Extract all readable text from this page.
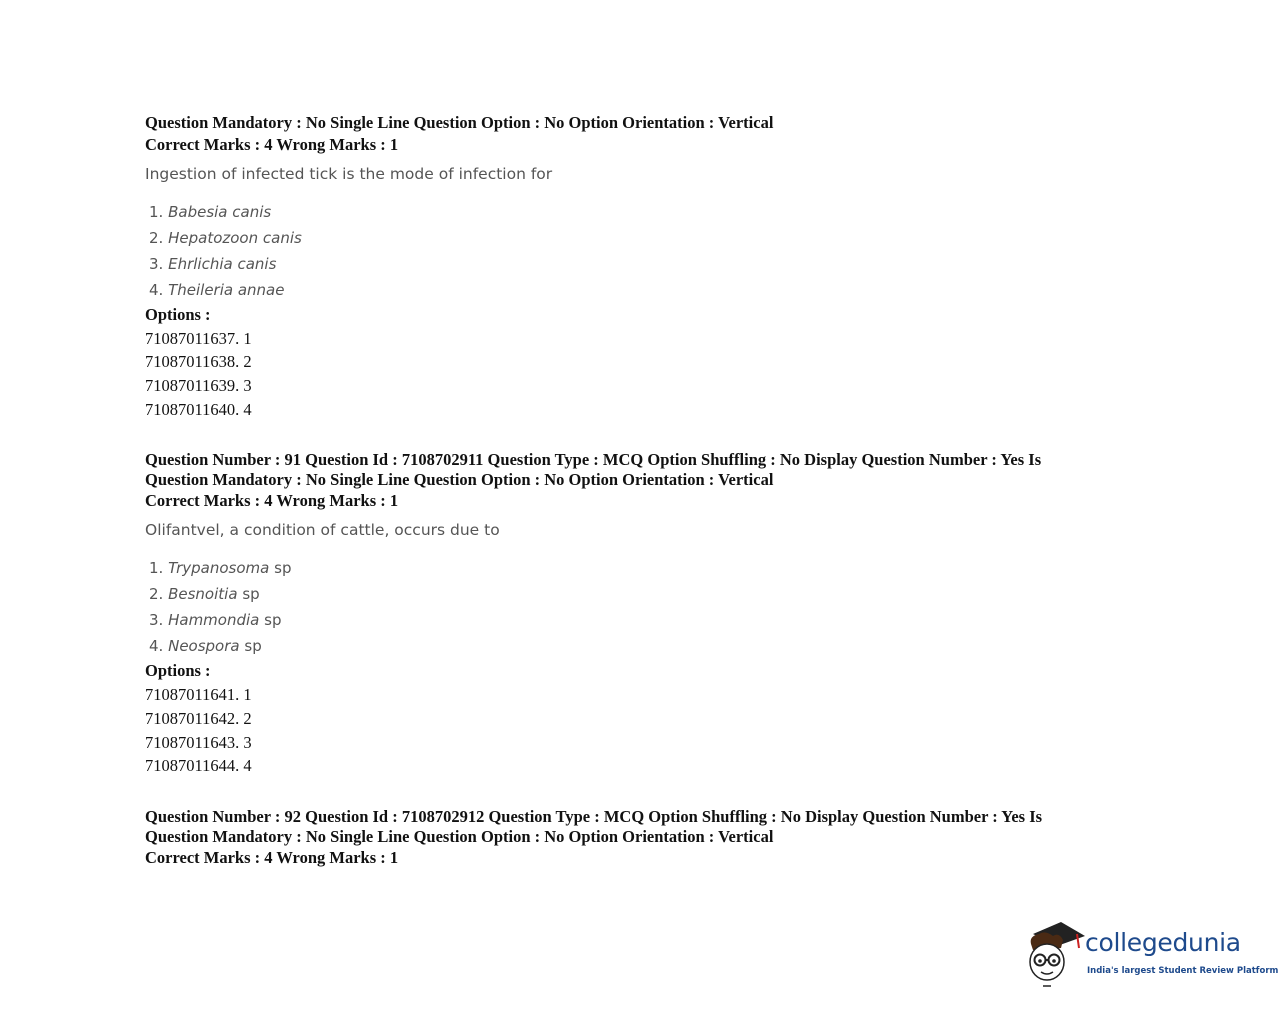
Question Mandatory : No Single Line Question Option : No Option Orientation : Vertical

Correct Marks : 4 Wrong Marks : 1

Ingestion of infected tick is the mode of infection for
1. Babesia canis
2. Hepatozoon canis
3. Ehrlichia canis
4. Theileria annae

Options :

71087011637. 1

71087011638. 2

71087011639. 3

71087011640. 4

Question Number : 91 Question Id : 7108702911 Question Type : MCQ Option Shuffling : No Display Question Number : Yes Is
Question Mandatory : No Single Line Question Option : No Option Orientation : Vertical

Correct Marks : 4 Wrong Marks : 1

Olifantvel, a condition of cattle, occurs due to
1. Trypanosoma sp
2. Besnoitia sp
3. Hammondia sp
4. Neospora sp

Options :

71087011641. 1

71087011642. 2

71087011643. 3

71087011644. 4

Question Number : 92 Question Id : 7108702912 Question Type : MCQ Option Shuffling : No Display Question Number : Yes Is
Question Mandatory : No Single Line Question Option : No Option Orientation : Vertical

Correct Marks : 4 Wrong Marks : 1

collegedunia
India's largest Student Review Platform
